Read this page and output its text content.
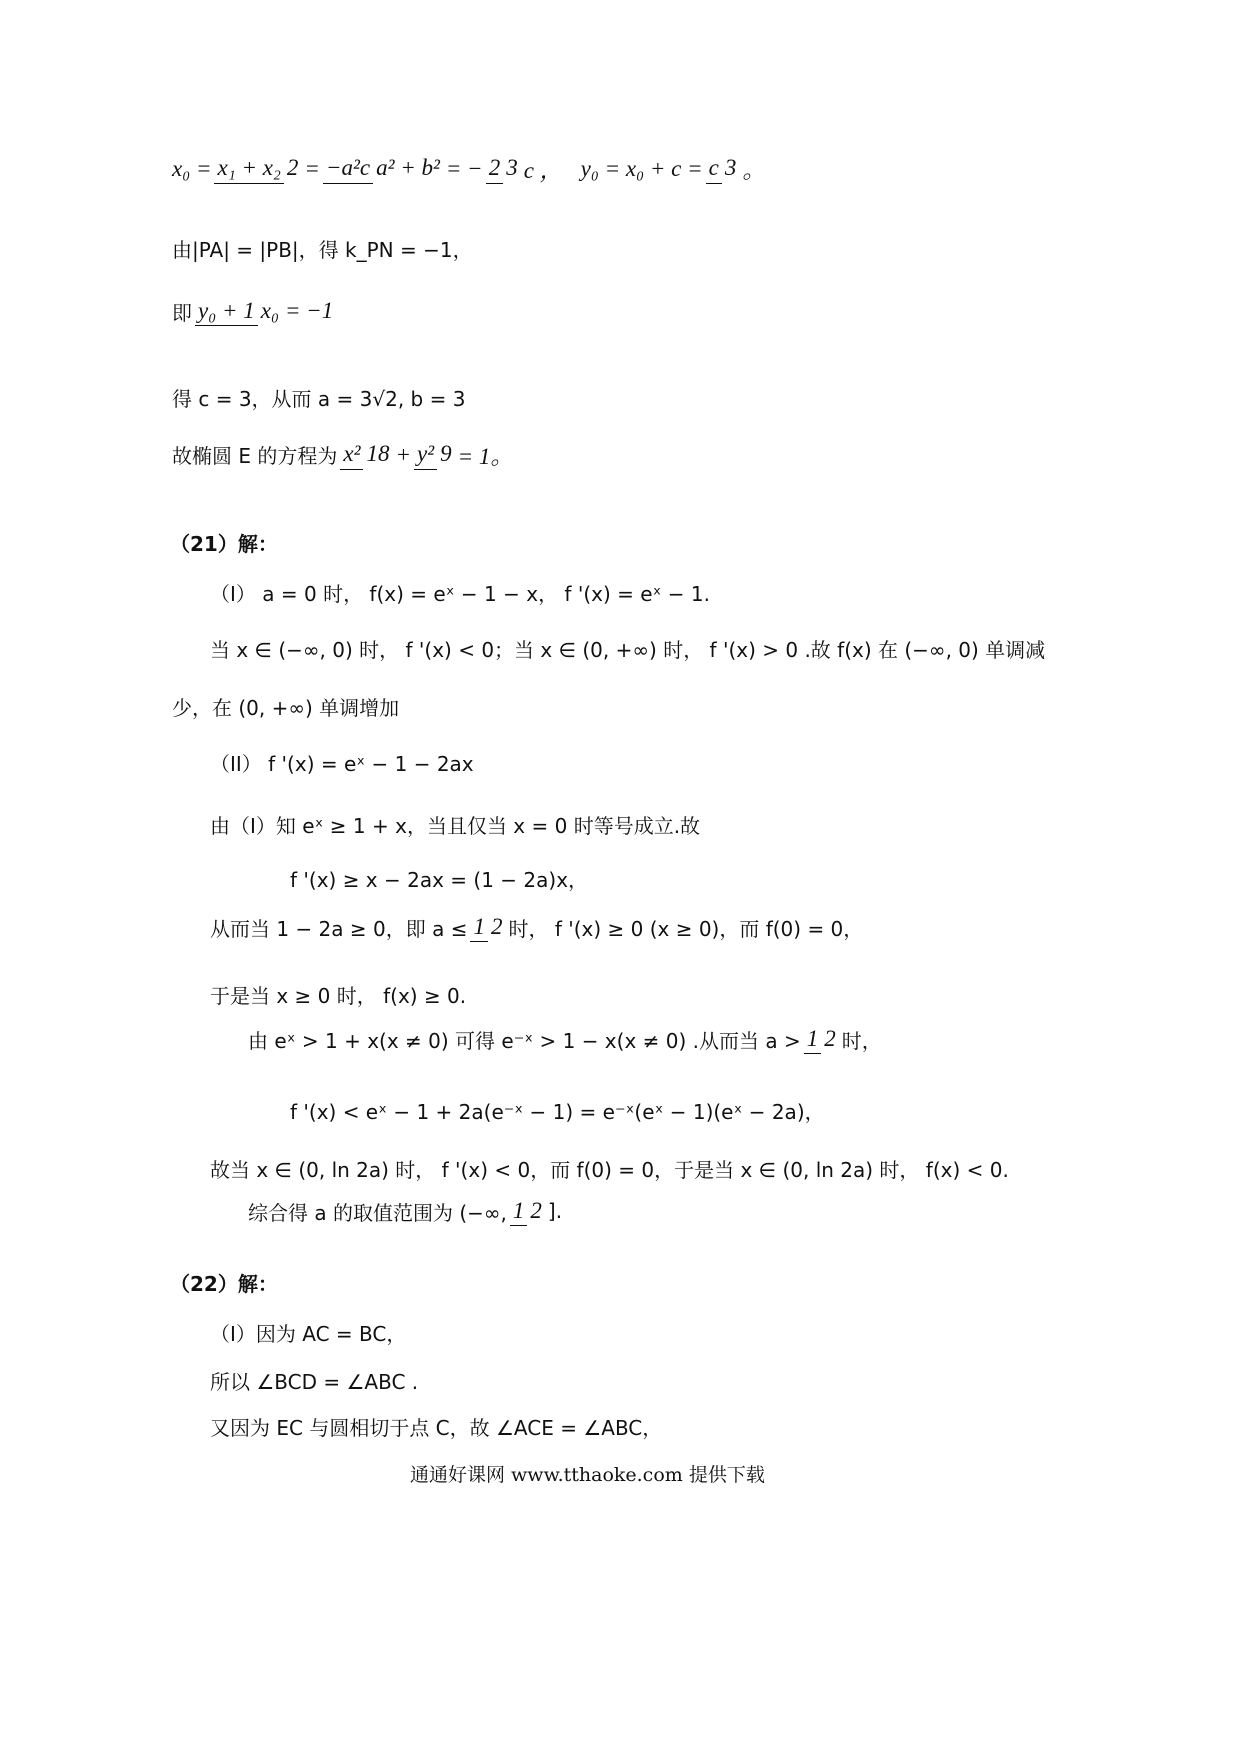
x₀ = x₁ + x₂ 2 = −a²c a² + b² = − 2 3 c ， y₀ = x₀ + c = c 3 。
由|PA| = |PB|，得 k_PN = −1，
即 y₀ + 1 x₀ = −1
得 c = 3，从而 a = 3√2, b = 3
故椭圆 E 的方程为 x² 18 + y² 9 = 1。
（21）解：
（I） a = 0 时， f(x) = eˣ − 1 − x， f '(x) = eˣ − 1.
当 x ∈ (−∞, 0) 时， f '(x) < 0；当 x ∈ (0, +∞) 时， f '(x) > 0 .故 f(x) 在 (−∞, 0) 单调减
少，在 (0, +∞) 单调增加
（II） f '(x) = eˣ − 1 − 2ax
由（I）知 eˣ ≥ 1 + x，当且仅当 x = 0 时等号成立.故
f '(x) ≥ x − 2ax = (1 − 2a)x，
从而当 1 − 2a ≥ 0，即 a ≤ 1 2 时， f '(x) ≥ 0 (x ≥ 0)，而 f(0) = 0，
于是当 x ≥ 0 时， f(x) ≥ 0.
由 eˣ > 1 + x(x ≠ 0) 可得 e⁻ˣ > 1 − x(x ≠ 0) .从而当 a > 1 2 时，
f '(x) < eˣ − 1 + 2a(e⁻ˣ − 1) = e⁻ˣ(eˣ − 1)(eˣ − 2a)，
故当 x ∈ (0, ln 2a) 时， f '(x) < 0，而 f(0) = 0，于是当 x ∈ (0, ln 2a) 时， f(x) < 0.
综合得 a 的取值范围为 (−∞, 1 2 ].
（22）解：
（I）因为 AC = BC，
所以 ∠BCD = ∠ABC .
又因为 EC 与圆相切于点 C，故 ∠ACE = ∠ABC，
通通好课网 www.tthaoke.com 提供下载
